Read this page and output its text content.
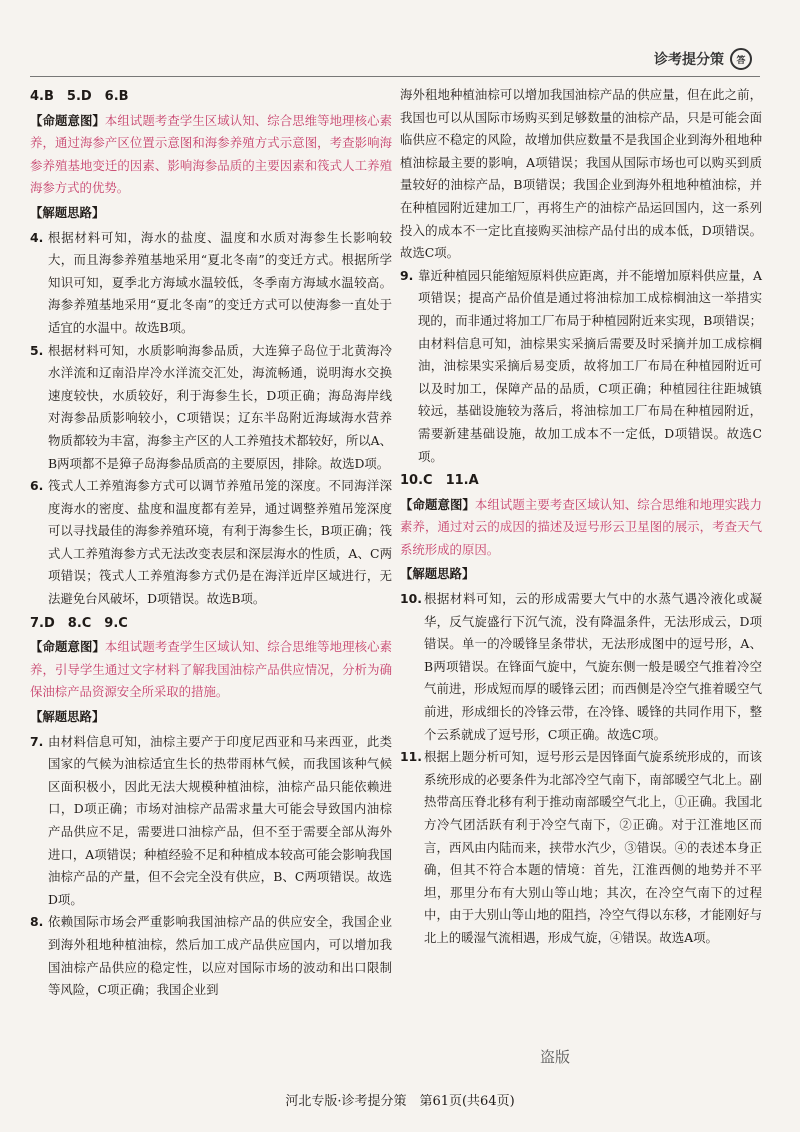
诊考提分策	答
4.B　5.D　6.B
【命题意图】本组试题考查学生区域认知、综合思维等地理核心素养，通过海参产区位置示意图和海参养殖方式示意图，考查影响海参养殖基地变迁的因素、影响海参品质的主要因素和筏式人工养殖海参方式的优势。
【解题思路】
4. 根据材料可知，海水的盐度、温度和水质对海参生长影响较大，而且海参养殖基地采用“夏北冬南”的变迁方式。根据所学知识可知，夏季北方海域水温较低，冬季南方海域水温较高。海参养殖基地采用“夏北冬南”的变迁方式可以使海参一直处于适宜的水温中。故选B项。
5. 根据材料可知，水质影响海参品质，大连獐子岛位于北黄海冷水洋流和辽南沿岸冷水洋流交汇处，海流畅通，说明海水交换速度较快，水质较好，利于海参生长，D项正确；海岛海岸线对海参品质影响较小，C项错误；辽东半岛附近海域海水营养物质都较为丰富，海参主产区的人工养殖技术都较好，所以A、B两项都不是獐子岛海参品质高的主要原因，排除。故选D项。
6. 筏式人工养殖海参方式可以调节养殖吊笼的深度。不同海洋深度海水的密度、盐度和温度都有差异，通过调整养殖吊笼深度可以寻找最佳的海参养殖环境，有利于海参生长，B项正确；筏式人工养殖海参方式无法改变表层和深层海水的性质，A、C两项错误；筏式人工养殖海参方式仍是在海洋近岸区域进行，无法避免台风破坏，D项错误。故选B项。
7.D　8.C　9.C
【命题意图】本组试题考查学生区域认知、综合思维等地理核心素养，引导学生通过文字材料了解我国油棕产品供应情况，分析为确保油棕产品资源安全所采取的措施。
【解题思路】
7. 由材料信息可知，油棕主要产于印度尼西亚和马来西亚，此类国家的气候为油棕适宜生长的热带雨林气候，而我国该种气候区面积极小，因此无法大规模种植油棕，油棕产品只能依赖进口，D项正确；市场对油棕产品需求量大可能会导致国内油棕产品供应不足，需要进口油棕产品，但不至于需要全部从海外进口，A项错误；种植经验不足和种植成本较高可能会影响我国油棕产品的产量，但不会完全没有供应，B、C两项错误。故选D项。
8. 依赖国际市场会严重影响我国油棕产品的供应安全，我国企业到海外租地种植油棕，然后加工成产品供应国内，可以增加我国油棕产品供应的稳定性，以应对国际市场的波动和出口限制等风险，C项正确；我国企业到
海外租地种植油棕可以增加我国油棕产品的供应量，但在此之前，我国也可以从国际市场购买到足够数量的油棕产品，只是可能会面临供应不稳定的风险，故增加供应数量不是我国企业到海外租地种植油棕最主要的影响，A项错误；我国从国际市场也可以购买到质量较好的油棕产品，B项错误；我国企业到海外租地种植油棕，并在种植园附近建加工厂，再将生产的油棕产品运回国内，这一系列投入的成本不一定比直接购买油棕产品付出的成本低，D项错误。故选C项。
9. 靠近种植园只能缩短原料供应距离，并不能增加原料供应量，A项错误；提高产品价值是通过将油棕加工成棕榈油这一举措实现的，而非通过将加工厂布局于种植园附近来实现，B项错误；由材料信息可知，油棕果实采摘后需要及时采摘并加工成棕榈油，油棕果实采摘后易变质，故将加工厂布局在种植园附近可以及时加工，保障产品的品质，C项正确；种植园往往距城镇较远，基础设施较为落后，将油棕加工厂布局在种植园附近，需要新建基础设施，故加工成本不一定低，D项错误。故选C项。
10.C　11.A
【命题意图】本组试题主要考查区域认知、综合思维和地理实践力素养，通过对云的成因的描述及逗号形云卫星图的展示，考查天气系统形成的原因。
【解题思路】
10. 根据材料可知，云的形成需要大气中的水蒸气遇冷液化或凝华，反气旋盛行下沉气流，没有降温条件，无法形成云，D项错误。单一的冷暖锋呈条带状，无法形成图中的逗号形，A、B两项错误。在锋面气旋中，气旋东侧一般是暖空气推着冷空气前进，形成短而厚的暖锋云团；而西侧是冷空气推着暖空气前进，形成细长的冷锋云带，在冷锋、暖锋的共同作用下，整个云系就成了逗号形，C项正确。故选C项。
11. 根据上题分析可知，逗号形云是因锋面气旋系统形成的，而该系统形成的必要条件为北部冷空气南下，南部暖空气北上。副热带高压脊北移有利于推动南部暖空气北上，①正确。我国北方冷气团活跃有利于冷空气南下，②正确。对于江淮地区而言，西风由内陆而来，挟带水汽少，③错误。④的表述本身正确，但其不符合本题的情境：首先，江淮西侧的地势并不平坦，那里分布有大别山等山地；其次，在冷空气南下的过程中，由于大别山等山地的阻挡，冷空气得以东移，才能刚好与北上的暖湿气流相遇，形成气旋，④错误。故选A项。
盗版
河北专版·诊考提分策　第61页(共64页)
